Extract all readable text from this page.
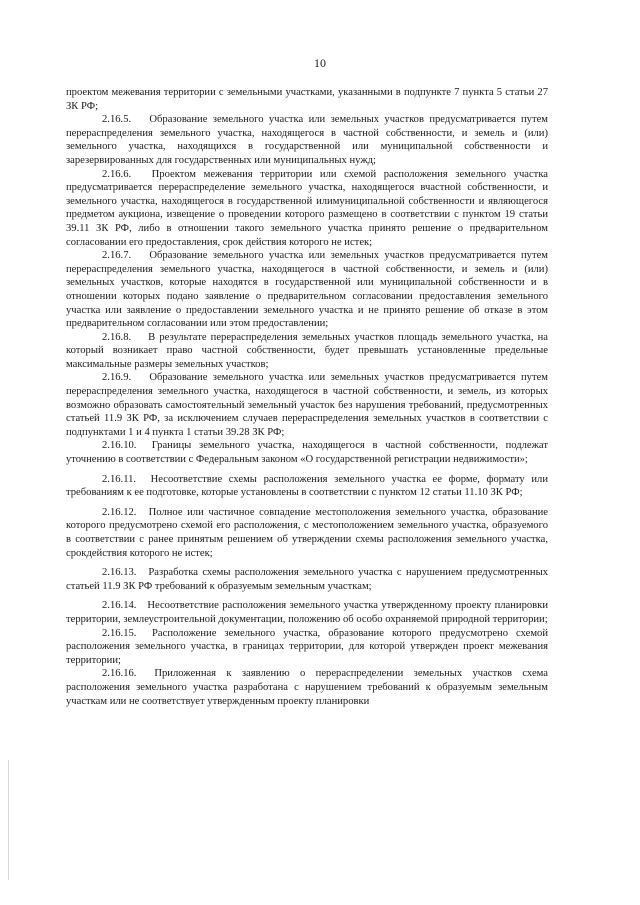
10

проектом межевания территории с земельными участками, указанными в подпункте 7 пункта 5 статьи 27 ЗК РФ;

2.16.5. Образование земельного участка или земельных участков предусматривается путем перераспределения земельного участка, находящегося в частной собственности, и земель и (или) земельного участка, находящихся в государственной или муниципальной собственности и зарезервированных для государственных или муниципальных нужд;

2.16.6. Проектом межевания территории или схемой расположения земельного участка предусматривается перераспределение земельного участка, находящегося вчастной собственности, и земельного участка, находящегося в государственной илимуниципальной собственности и являющегося предметом аукциона, извещение о проведении которого размещено в соответствии с пунктом 19 статьи 39.11 ЗК РФ, либо в отношении такого земельного участка принято решение о предварительном согласовании его предоставления, срок действия которого не истек;

2.16.7. Образование земельного участка или земельных участков предусматривается путем перераспределения земельного участка, находящегося в частной собственности, и земель и (или) земельных участков, которые находятся в государственной или муниципальной собственности и в отношении которых подано заявление о предварительном согласовании предоставления земельного участка или заявление о предоставлении земельного участка и не принято решение об отказе в этом предварительном согласовании или этом предоставлении;

2.16.8. В результате перераспределения земельных участков площадь земельного участка, на который возникает право частной собственности, будет превышать установленные предельные максимальные размеры земельных участков;

2.16.9. Образование земельного участка или земельных участков предусматривается путем перераспределения земельного участка, находящегося в частной собственности, и земель, из которых возможно образовать самостоятельный земельный участок без нарушения требований, предусмотренных статьей 11.9 ЗК РФ, за исключением случаев перераспределения земельных участков в соответствии с подпунктами 1 и 4 пункта 1 статьи 39.28 ЗК РФ;

2.16.10. Границы земельного участка, находящегося в частной собственности, подлежат уточнению в соответствии с Федеральным законом «О государственной регистрации недвижимости»;

2.16.11. Несоответствие схемы расположения земельного участка ее форме, формату или требованиям к ее подготовке, которые установлены в соответствии с пунктом 12 статьи 11.10 ЗК РФ;

2.16.12. Полное или частичное совпадение местоположения земельного участка, образование которого предусмотрено схемой его расположения, с местоположением земельного участка, образуемого в соответствии с ранее принятым решением об утверждении схемы расположения земельного участка, срокдействия которого не истек;

2.16.13. Разработка схемы расположения земельного участка с нарушением предусмотренных статьей 11.9 ЗК РФ требований к образуемым земельным участкам;

2.16.14. Несоответствие расположения земельного участка утвержденному проекту планировки территории, землеустроительной документации, положению об особо охраняемой природной территории;

2.16.15. Расположение земельного участка, образование которого предусмотрено схемой расположения земельного участка, в границах территории, для которой утвержден проект межевания территории;

2.16.16. Приложенная к заявлению о перераспределении земельных участков схема расположения земельного участка разработана с нарушением требований к образуемым земельным участкам или не соответствует утвержденным проекту планировки
